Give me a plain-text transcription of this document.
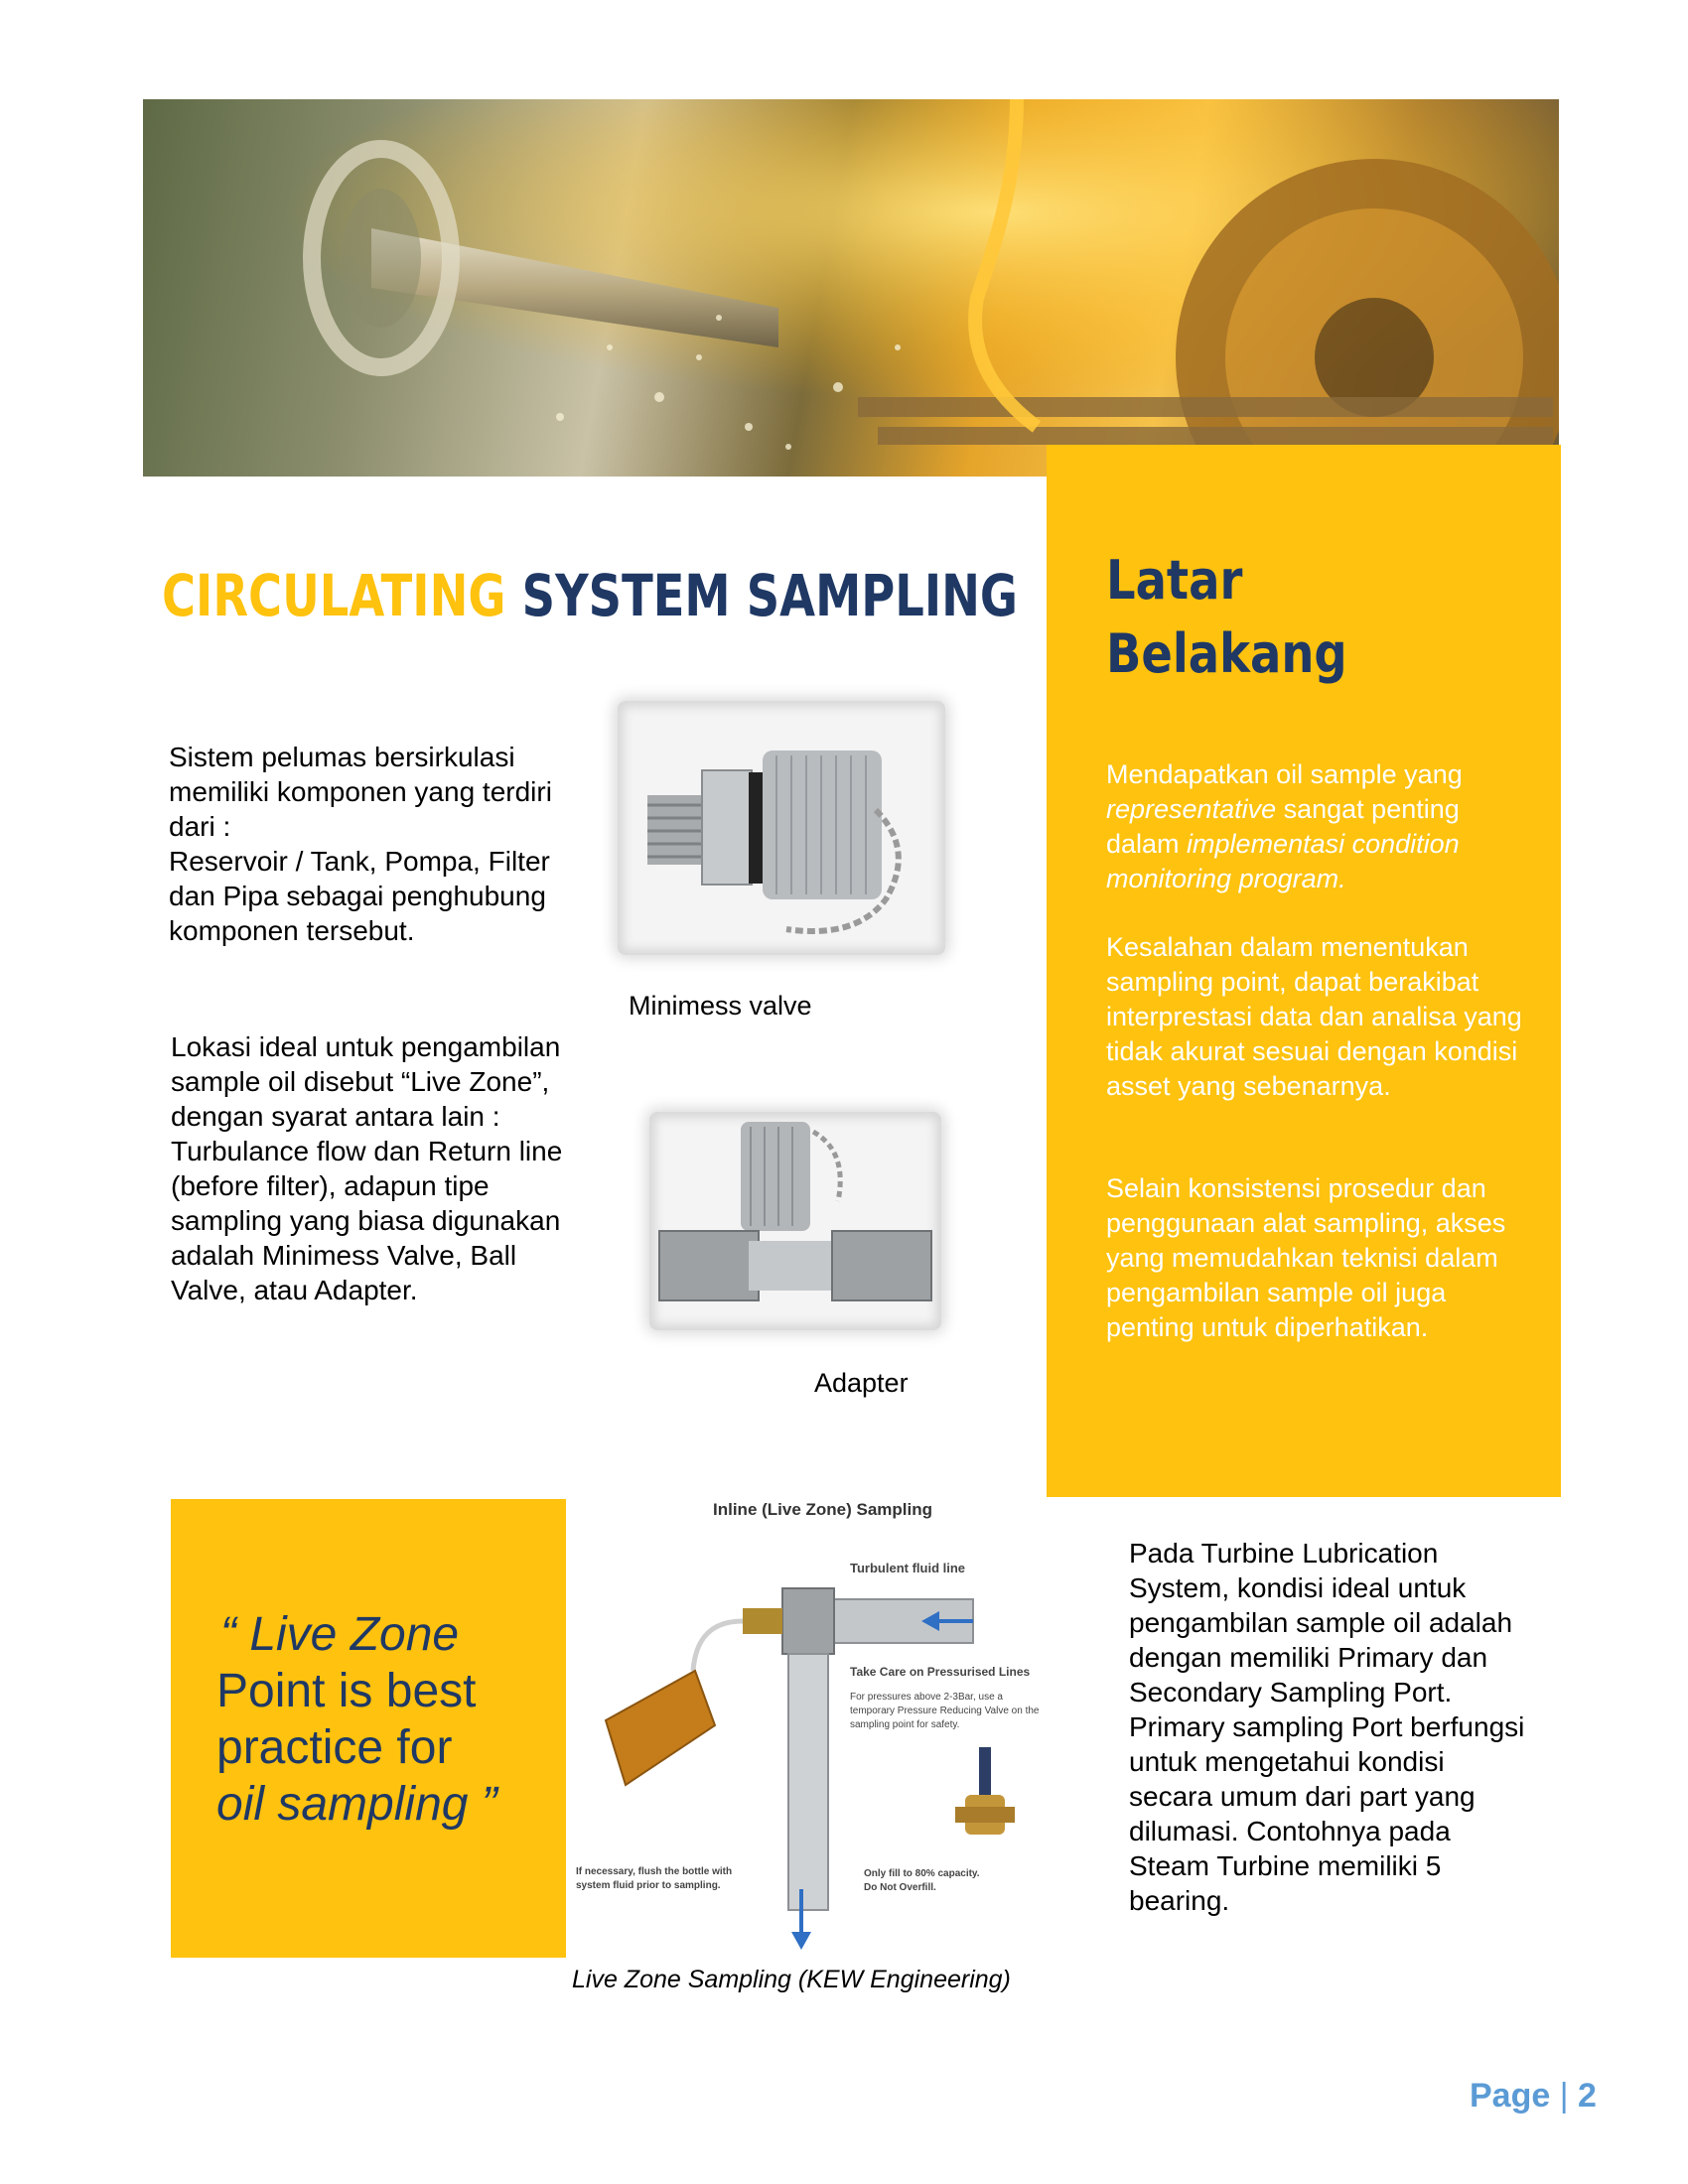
Latar
Belakang
Mendapatkan oil sample yang representative sangat penting dalam implementasi condition monitoring program.
Kesalahan dalam menentukan sampling point, dapat berakibat interprestasi data dan analisa yang tidak akurat sesuai dengan kondisi asset yang sebenarnya.
Selain konsistensi prosedur dan penggunaan alat sampling, akses yang memudahkan teknisi dalam pengambilan sample oil juga penting untuk diperhatikan.
CIRCULATING SYSTEM SAMPLING
Sistem pelumas bersirkulasi memiliki komponen yang terdiri dari :
Reservoir / Tank, Pompa, Filter dan Pipa sebagai penghubung komponen tersebut.
Lokasi ideal untuk pengambilan sample oil disebut “Live Zone”, dengan syarat antara lain : Turbulance flow dan Return line (before filter), adapun tipe sampling yang biasa digunakan adalah Minimess Valve, Ball Valve, atau Adapter.
Minimess valve
Adapter
“ Live Zone
Point is best
practice for
oil sampling ”
Inline (Live Zone) Sampling
Turbulent fluid line
Take Care on Pressurised Lines
For pressures above 2-3Bar, use a
temporary Pressure Reducing Valve on the
sampling point for safety.
If necessary, flush the bottle with
system fluid prior to sampling.
Only fill to 80% capacity.
Do Not Overfill.
Live Zone Sampling (KEW Engineering)
Pada Turbine Lubrication System, kondisi ideal untuk pengambilan sample oil adalah dengan memiliki Primary dan Secondary Sampling Port. Primary sampling Port berfungsi untuk mengetahui kondisi secara umum dari part yang dilumasi. Contohnya pada Steam Turbine memiliki 5 bearing.
Page | 2
